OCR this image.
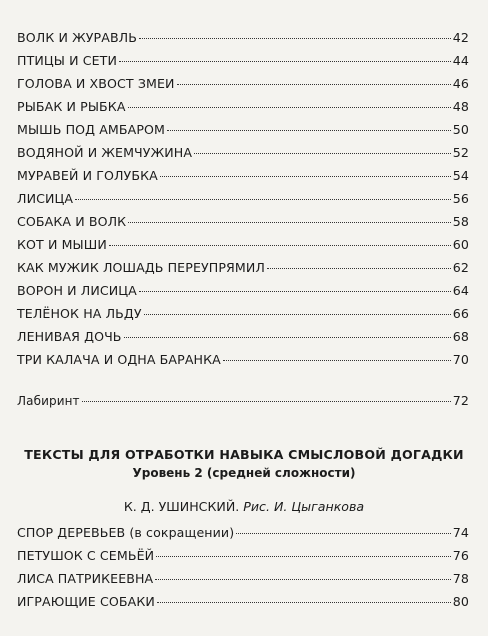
ВОЛК И ЖУРАВЛЬ	42
ПТИЦЫ И СЕТИ	44
ГОЛОВА И ХВОСТ ЗМЕИ	46
РЫБАК И РЫБКА	48
МЫШЬ ПОД АМБАРОМ	50
ВОДЯНОЙ И ЖЕМЧУЖИНА	52
МУРАВЕЙ И ГОЛУБКА	54
ЛИСИЦА	56
СОБАКА И ВОЛК	58
КОТ И МЫШИ	60
КАК МУЖИК ЛОШАДЬ ПЕРЕУПРЯМИЛ	62
ВОРОН И ЛИСИЦА	64
ТЕЛЁНОК НА ЛЬДУ	66
ЛЕНИВАЯ ДОЧЬ	68
ТРИ КАЛАЧА И ОДНА БАРАНКА	70
Лабиринт	72
ТЕКСТЫ ДЛЯ ОТРАБОТКИ НАВЫКА СМЫСЛОВОЙ ДОГАДКИ
Уровень 2 (средней сложности)
К. Д. УШИНСКИЙ. Рис. И. Цыганкова
СПОР ДЕРЕВЬЕВ (в сокращении)	74
ПЕТУШОК С СЕМЬЁЙ	76
ЛИСА ПАТРИКЕЕВНА	78
ИГРАЮЩИЕ СОБАКИ	80
